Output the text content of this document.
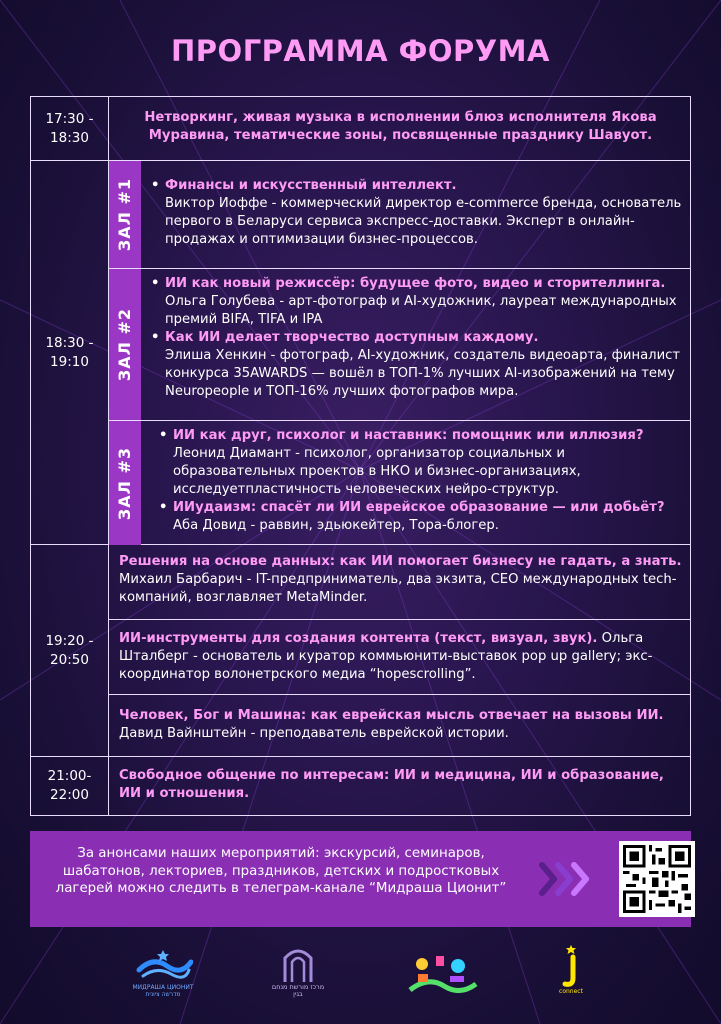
ПРОГРАММА ФОРУМА
17:30 -
18:30
Нетворкинг, живая музыка в исполнении блюз исполнителя Якова Муравина, тематические зоны, посвященные празднику Шавуот.
18:30 -
19:10
ЗАЛ #1
•	Финансы и искусственный интеллект.
Виктор Иоффе - коммерческий директор e-commerce бренда, основатель первого в Беларуси сервиса экспресс-доставки. Эксперт в онлайн-продажах и оптимизации бизнес-процессов.
ЗАЛ #2
• ИИ как новый режиссёр: будущее фото, видео и сторителлинга. Ольга Голубева - арт-фотограф и AI-художник, лауреат международных премий BIFA, TIFA и IPA
• Как ИИ делает творчество доступным каждому.
Элиша Хенкин - фотограф, AI-художник, создатель видеоарта, финалист конкурса 35AWARDS — вошёл в ТОП-1% лучших AI-изображений на тему Neuropeople и ТОП-16% лучших фотографов мира.
ЗАЛ #3
• ИИ как друг, психолог и наставник: помощник или иллюзия?
Леонид Диамант - психолог, организатор социальных и образовательных проектов в НКО и бизнес-организациях, исследуетпластичность человеческих нейро-структур.
• ИИудаизм: спасёт ли ИИ еврейское образование — или добьёт? Аба Довид - раввин, эдьюкейтер, Тора-блогер.
19:20 -
20:50
Решения на основе данных: как ИИ помогает бизнесу не гадать, а знать. Михаил Барбарич - IT-предприниматель, два экзита, CEO международных tech-компаний, возглавляет MetaMinder.
ИИ-инструменты для создания контента (текст, визуал, звук). Ольга Шталберг - основатель и куратор коммьюнити-выставок pop up gallery; экс-координатор волонетрского медиа “hopescrolling”.
Человек, Бог и Машина: как еврейская мысль отвечает на вызовы ИИ. Давид Вайнштейн - преподаватель еврейской истории.
21:00-
22:00
Свободное общение по интересам: ИИ и медицина, ИИ и образование, ИИ и отношения.
За анонсами наших мероприятий: экскурсий, семинаров, шабатонов, лекториев, праздников, детских и подростковых лагерей можно следить в телеграм-канале “Мидраша Ционит”
МИДРАША ЦИОНИТ
מדרשה ציונית
מרכז מורשת מנחם בגין	connect
